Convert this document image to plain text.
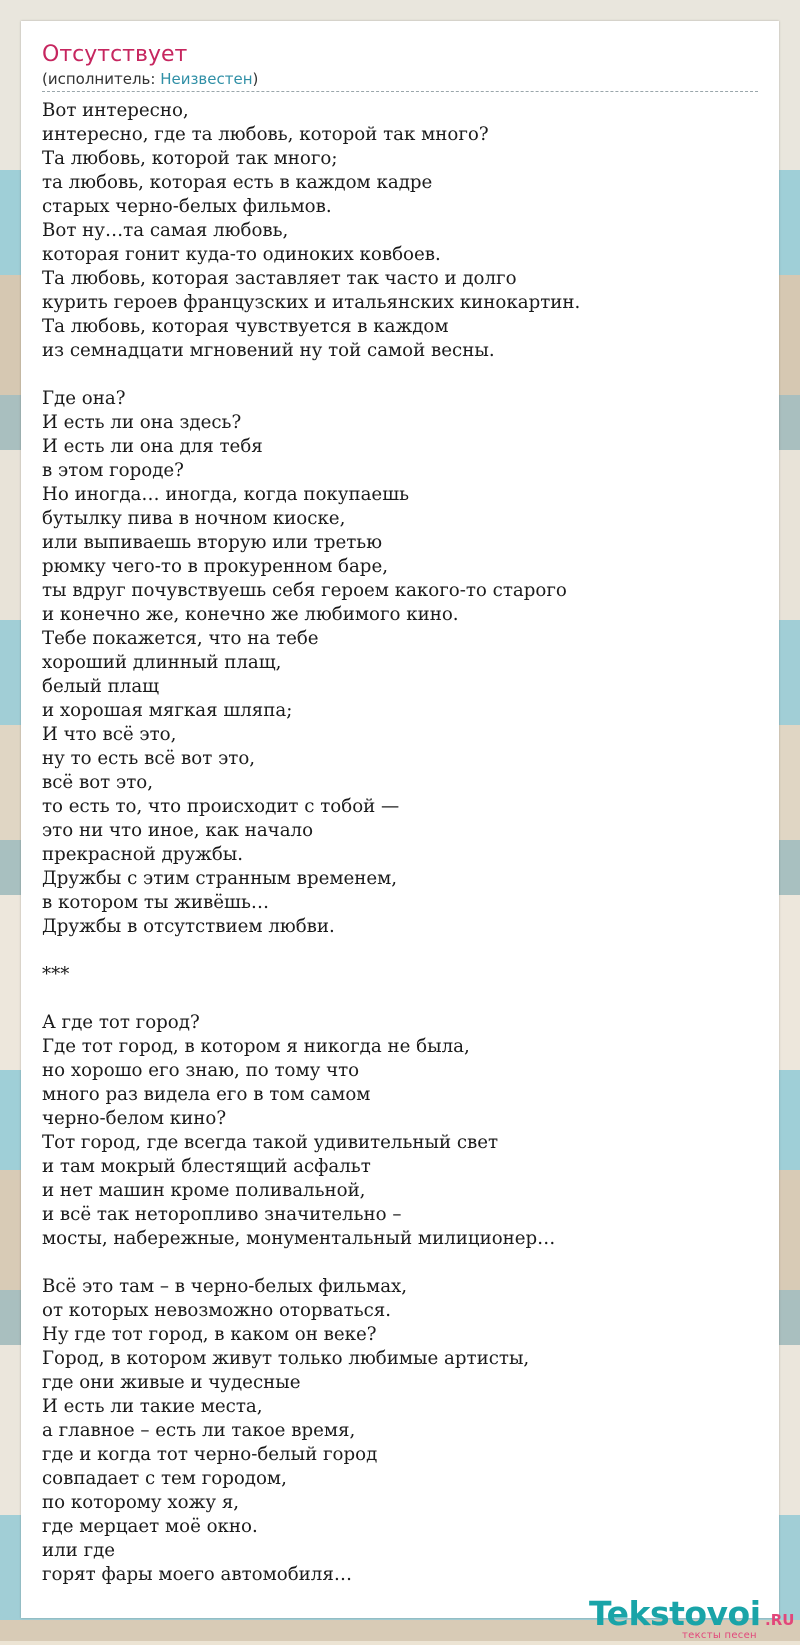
Отсутствует
(исполнитель: Неизвестен)
Вот интересно,
интересно, где та любовь, которой так много?
Та любовь, которой так много;
та любовь, которая есть в каждом кадре
старых черно-белых фильмов.
Вот ну…та самая любовь,
которая гонит куда-то одиноких ковбоев.
Та любовь, которая заставляет так часто и долго
курить героев французских и итальянских кинокартин.
Та любовь, которая чувствуется в каждом
из семнадцати мгновений ну той самой весны.
Где она?
И есть ли она здесь?
И есть ли она для тебя
в этом городе?
Но иногда… иногда, когда покупаешь
бутылку пива в ночном киоске,
или выпиваешь вторую или третью
рюмку чего-то в прокуренном баре,
ты вдруг почувствуешь себя героем какого-то старого
и конечно же, конечно же любимого кино.
Тебе покажется, что на тебе
хороший длинный плащ,
белый плащ
и хорошая мягкая шляпа;
И что всё это,
ну то есть всё вот это,
всё вот это,
то есть то, что происходит с тобой —
это ни что иное, как начало
прекрасной дружбы.
Дружбы с этим странным временем,
в котором ты живёшь…
Дружбы в отсутствием любви.
***
А где тот город?
Где тот город, в котором я никогда не была,
но хорошо его знаю, по тому что
много раз видела его в том самом
черно-белом кино?
Тот город, где всегда такой удивительный свет
и там мокрый блестящий асфальт
и нет машин кроме поливальной,
и всё так неторопливо значительно –
мосты, набережные, монументальный милиционер…
Всё это там – в черно-белых фильмах,
от которых невозможно оторваться.
Ну где тот город, в каком он веке?
Город, в котором живут только любимые артисты,
где они живые и чудесные
И есть ли такие места,
а главное – есть ли такое время,
где и когда тот черно-белый город
совпадает с тем городом,
по которому хожу я,
где мерцает моё окно.
или где
горят фары моего автомобиля…
Tekstovoi .RU
тексты песен
